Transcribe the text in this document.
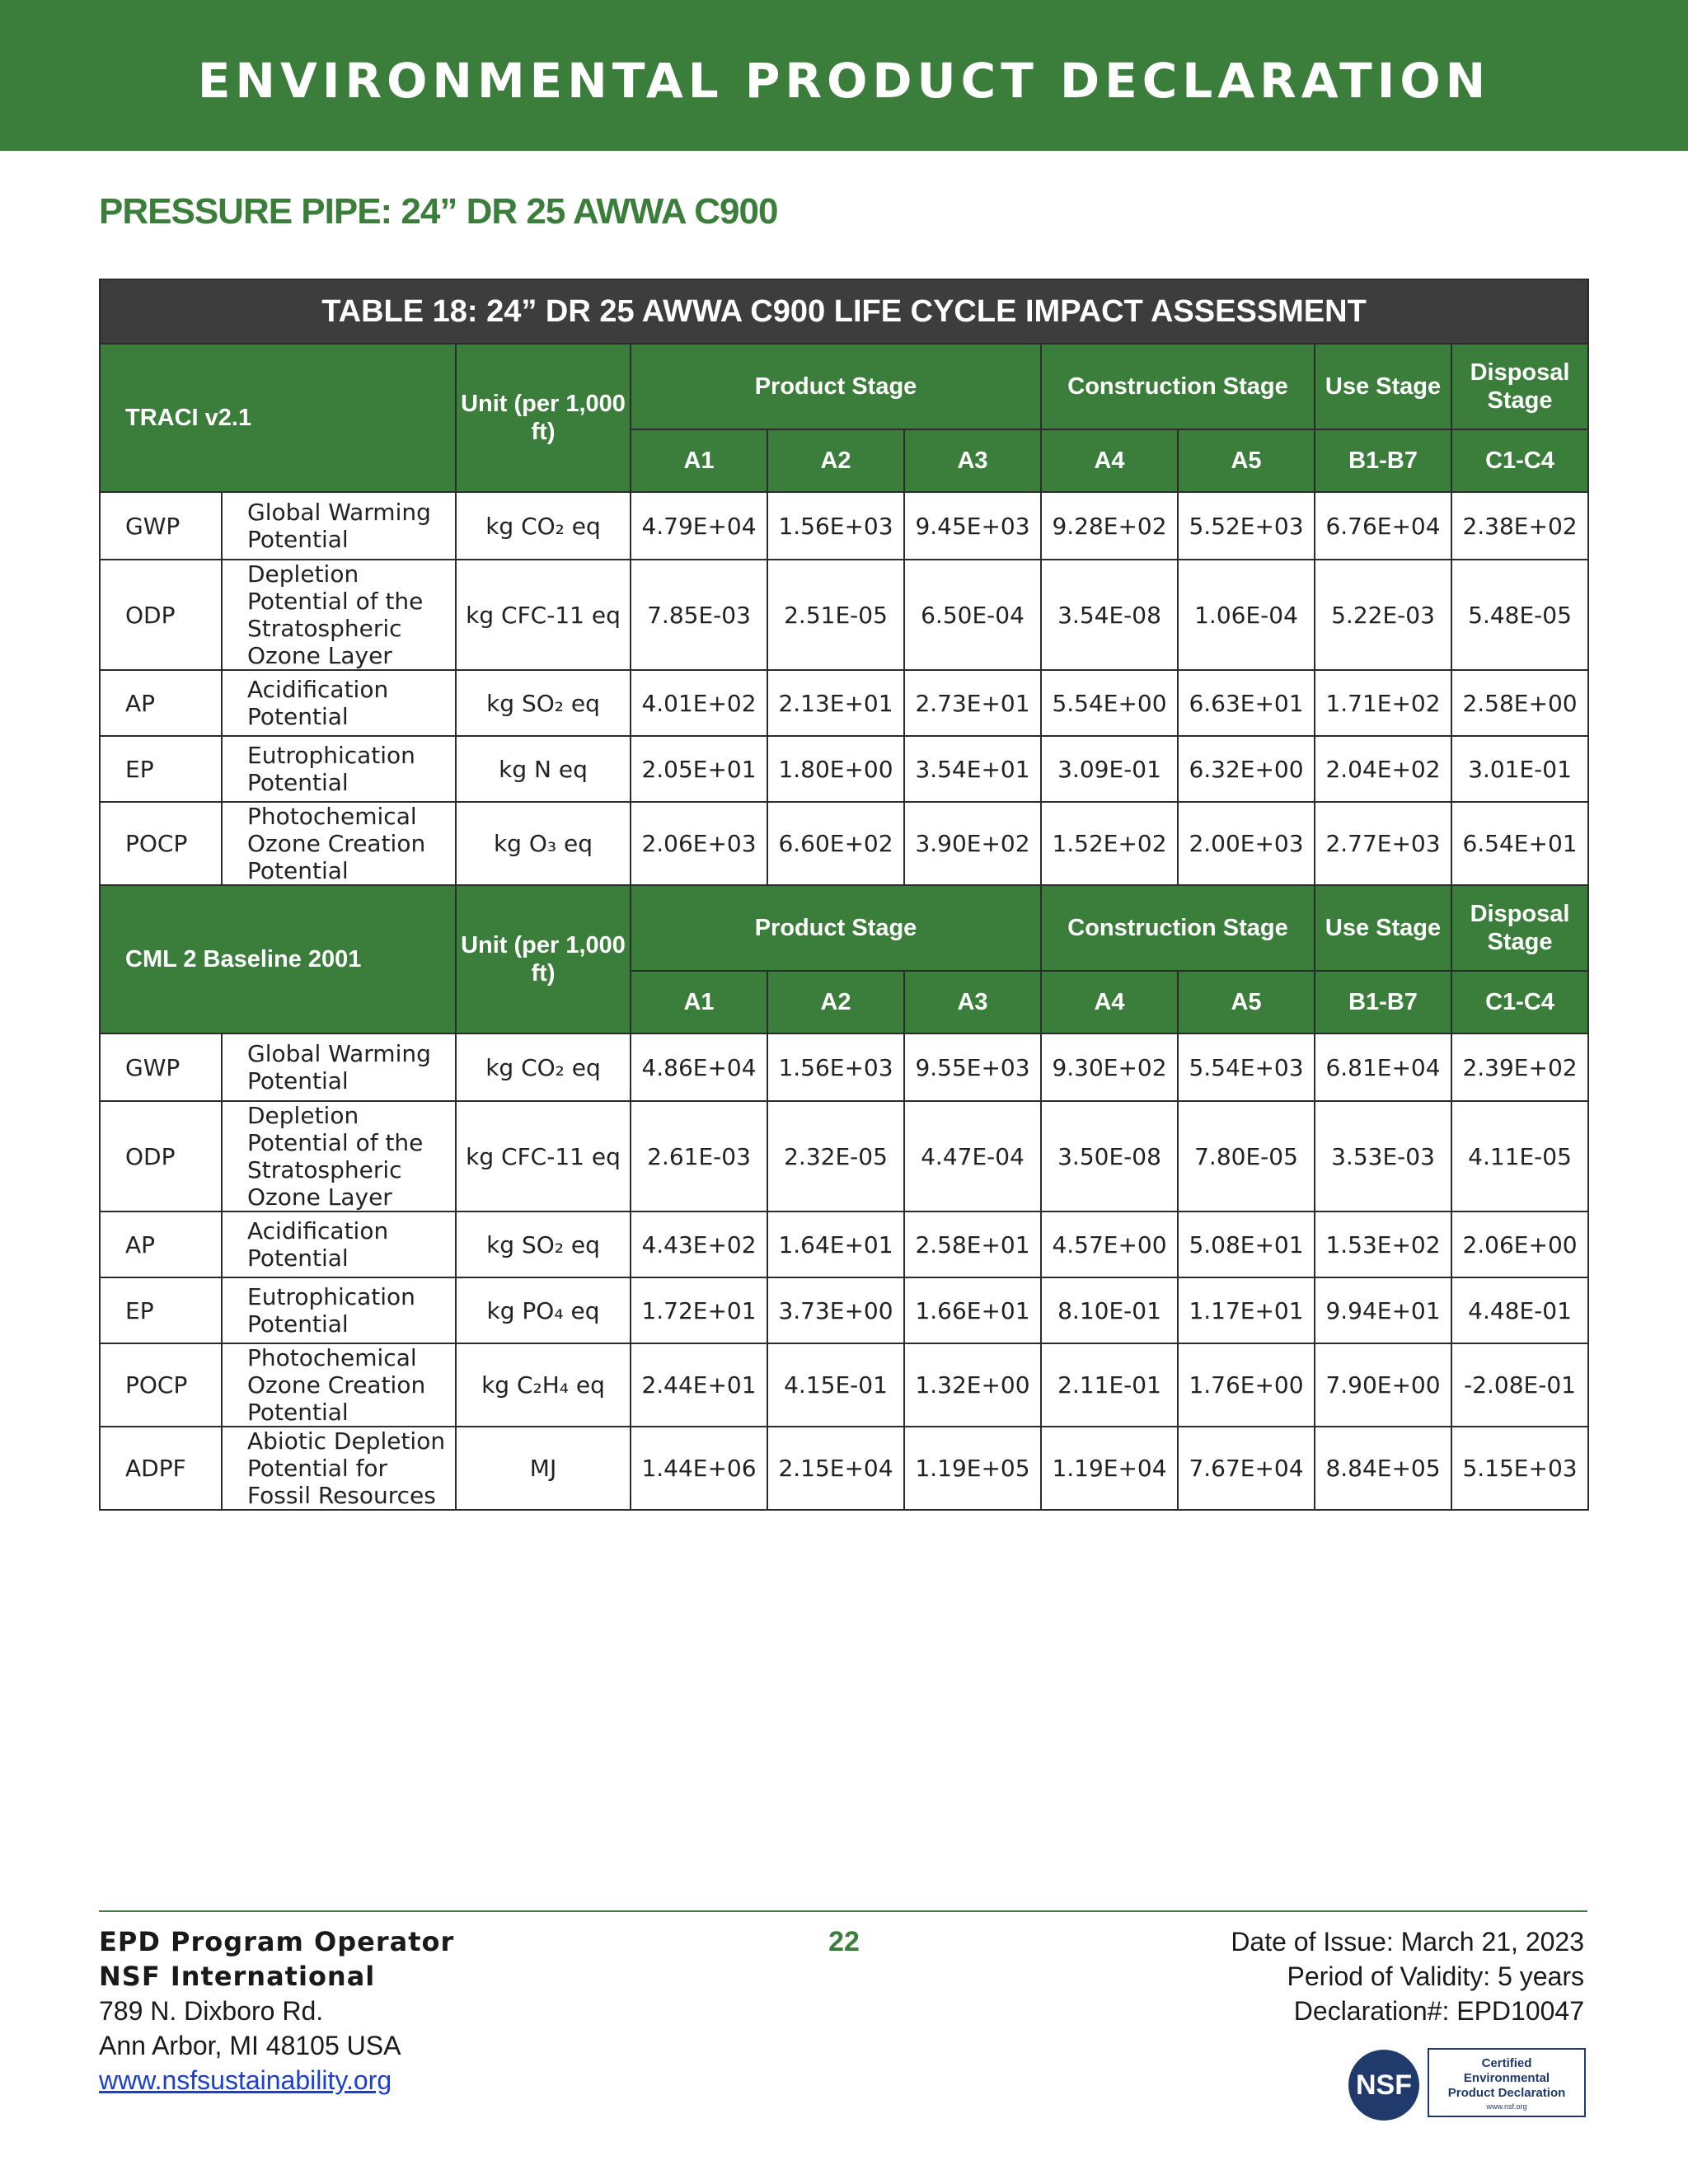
ENVIRONMENTAL PRODUCT DECLARATION
PRESSURE PIPE: 24” DR 25 AWWA C900
TABLE 18: 24” DR 25 AWWA C900 LIFE CYCLE IMPACT ASSESSMENT									
TRACI v2.1		Unit (per 1,000 ft)	Product Stage			Construction Stage		Use Stage	Disposal Stage
			A1	A2	A3	A4	A5	B1-B7	C1-C4
GWP	Global Warming Potential	kg CO₂ eq	4.79E+04	1.56E+03	9.45E+03	9.28E+02	5.52E+03	6.76E+04	2.38E+02
ODP	Depletion Potential of the Stratospheric Ozone Layer	kg CFC-11 eq	7.85E-03	2.51E-05	6.50E-04	3.54E-08	1.06E-04	5.22E-03	5.48E-05
AP	Acidification Potential	kg SO₂ eq	4.01E+02	2.13E+01	2.73E+01	5.54E+00	6.63E+01	1.71E+02	2.58E+00
EP	Eutrophication Potential	kg N eq	2.05E+01	1.80E+00	3.54E+01	3.09E-01	6.32E+00	2.04E+02	3.01E-01
POCP	Photochemical Ozone Creation Potential	kg O₃ eq	2.06E+03	6.60E+02	3.90E+02	1.52E+02	2.00E+03	2.77E+03	6.54E+01
CML 2 Baseline 2001		Unit (per 1,000 ft)	Product Stage			Construction Stage		Use Stage	Disposal Stage
			A1	A2	A3	A4	A5	B1-B7	C1-C4
GWP	Global Warming Potential	kg CO₂ eq	4.86E+04	1.56E+03	9.55E+03	9.30E+02	5.54E+03	6.81E+04	2.39E+02
ODP	Depletion Potential of the Stratospheric Ozone Layer	kg CFC-11 eq	2.61E-03	2.32E-05	4.47E-04	3.50E-08	7.80E-05	3.53E-03	4.11E-05
AP	Acidification Potential	kg SO₂ eq	4.43E+02	1.64E+01	2.58E+01	4.57E+00	5.08E+01	1.53E+02	2.06E+00
EP	Eutrophication Potential	kg PO₄ eq	1.72E+01	3.73E+00	1.66E+01	8.10E-01	1.17E+01	9.94E+01	4.48E-01
POCP	Photochemical Ozone Creation Potential	kg C₂H₄ eq	2.44E+01	4.15E-01	1.32E+00	2.11E-01	1.76E+00	7.90E+00	-2.08E-01
ADPF	Abiotic Depletion Potential for Fossil Resources	MJ	1.44E+06	2.15E+04	1.19E+05	1.19E+04	7.67E+04	8.84E+05	5.15E+03
EPD Program Operator
NSF International
789 N. Dixboro Rd.
Ann Arbor, MI 48105 USA
www.nsfsustainability.org
22	Date of Issue: March 21, 2023
Period of Validity: 5 years
Declaration#: EPD10047
NSF
Certified
Environmental
Product Declaration
www.nsf.org
